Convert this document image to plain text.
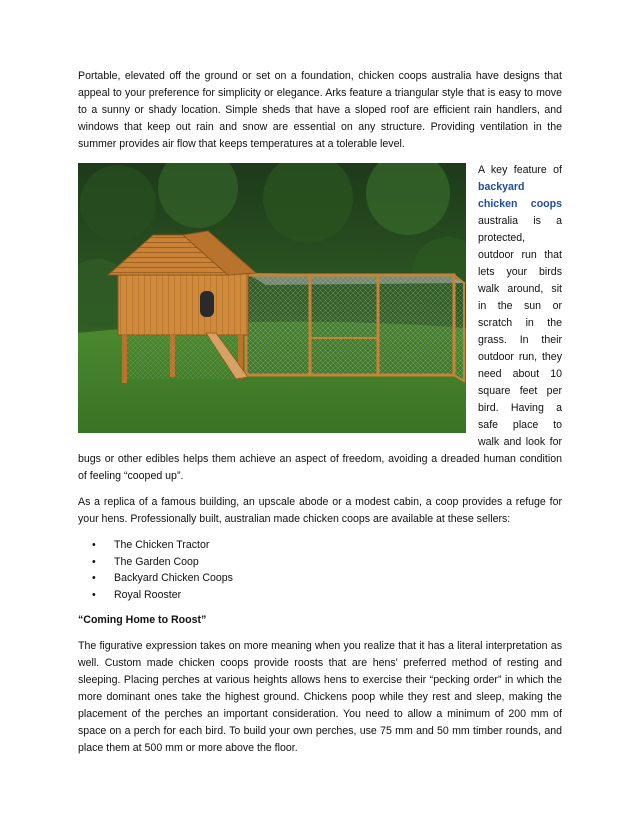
Portable, elevated off the ground or set on a foundation, chicken coops australia have designs that appeal to your preference for simplicity or elegance. Arks feature a triangular style that is easy to move to a sunny or shady location. Simple sheds that have a sloped roof are efficient rain handlers, and windows that keep out rain and snow are essential on any structure. Providing ventilation in the summer provides air flow that keeps temperatures at a tolerable level.

A key feature of backyard chicken coops australia is a protected, outdoor run that lets your birds walk around, sit in the sun or scratch in the grass. In their outdoor run, they need about 10 square feet per bird. Having a safe place to walk and look for bugs or other edibles helps them achieve an aspect of freedom, avoiding a dreaded human condition of feeling “cooped up”.

As a replica of a famous building, an upscale abode or a modest cabin, a coop provides a refuge for your hens. Professionally built, australian made chicken coops are available at these sellers:

• The Chicken Tractor
• The Garden Coop
• Backyard Chicken Coops
• Royal Rooster
“Coming Home to Roost”

The figurative expression takes on more meaning when you realize that it has a literal interpretation as well. Custom made chicken coops provide roosts that are hens' preferred method of resting and sleeping. Placing perches at various heights allows hens to exercise their “pecking order” in which the more dominant ones take the highest ground. Chickens poop while they rest and sleep, making the placement of the perches an important consideration. You need to allow a minimum of 200 mm of space on a perch for each bird. To build your own perches, use 75 mm and 50 mm timber rounds, and place them at 500 mm or more above the floor.
